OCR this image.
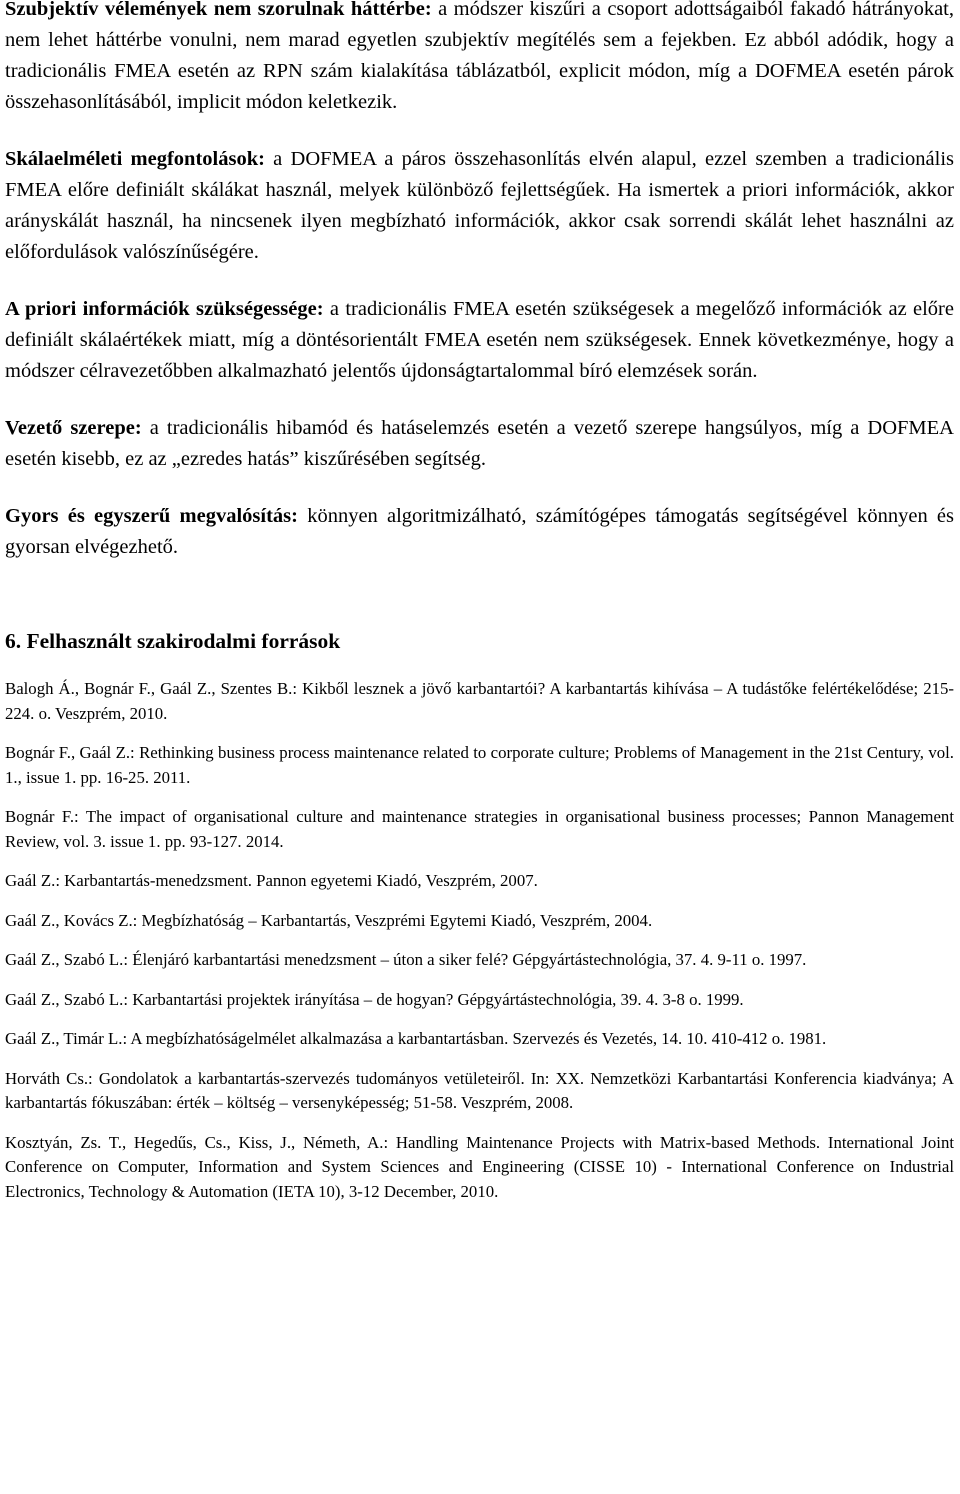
Szubjektív vélemények nem szorulnak háttérbe: a módszer kiszűri a csoport adottságaiból fakadó hátrányokat, nem lehet háttérbe vonulni, nem marad egyetlen szubjektív megítélés sem a fejekben. Ez abból adódik, hogy a tradicionális FMEA esetén az RPN szám kialakítása táblázatból, explicit módon, míg a DOFMEA esetén párok összehasonlításából, implicit módon keletkezik.

Skálaelméleti megfontolások: a DOFMEA a páros összehasonlítás elvén alapul, ezzel szemben a tradicionális FMEA előre definiált skálákat használ, melyek különböző fejlettségűek. Ha ismertek a priori információk, akkor arányskálát használ, ha nincsenek ilyen megbízható információk, akkor csak sorrendi skálát lehet használni az előfordulások valószínűségére.

A priori információk szükségessége: a tradicionális FMEA esetén szükségesek a megelőző információk az előre definiált skálaértékek miatt, míg a döntésorientált FMEA esetén nem szükségesek. Ennek következménye, hogy a módszer célravezetőbben alkalmazható jelentős újdonságtartalommal bíró elemzések során.

Vezető szerepe: a tradicionális hibamód és hatáselemzés esetén a vezető szerepe hangsúlyos, míg a DOFMEA esetén kisebb, ez az „ezredes hatás” kiszűrésében segítség.

Gyors és egyszerű megvalósítás: könnyen algoritmizálható, számítógépes támogatás segítségével könnyen és gyorsan elvégezhető.

6. Felhasznált szakirodalmi források

Balogh Á., Bognár F., Gaál Z., Szentes B.: Kikből lesznek a jövő karbantartói? A karbantartás kihívása – A tudástőke felértékelődése; 215-224. o. Veszprém, 2010.

Bognár F., Gaál Z.: Rethinking business process maintenance related to corporate culture; Problems of Management in the 21st Century, vol. 1., issue 1. pp. 16-25. 2011.

Bognár F.: The impact of organisational culture and maintenance strategies in organisational business processes; Pannon Management Review, vol. 3. issue 1. pp. 93-127. 2014.

Gaál Z.: Karbantartás-menedzsment. Pannon egyetemi Kiadó, Veszprém, 2007.

Gaál Z., Kovács Z.: Megbízhatóság – Karbantartás, Veszprémi Egytemi Kiadó, Veszprém, 2004.

Gaál Z., Szabó L.: Élenjáró karbantartási menedzsment – úton a siker felé? Gépgyártástechnológia, 37. 4. 9-11 o. 1997.

Gaál Z., Szabó L.: Karbantartási projektek irányítása – de hogyan? Gépgyártástechnológia, 39. 4. 3-8 o. 1999.

Gaál Z., Timár L.: A megbízhatóságelmélet alkalmazása a karbantartásban. Szervezés és Vezetés, 14. 10. 410-412 o. 1981.

Horváth Cs.: Gondolatok a karbantartás-szervezés tudományos vetületeiről. In: XX. Nemzetközi Karbantartási Konferencia kiadványa; A karbantartás fókuszában: érték – költség – versenyképesség; 51-58. Veszprém, 2008.

Kosztyán, Zs. T., Hegedűs, Cs., Kiss, J., Németh, A.: Handling Maintenance Projects with Matrix-based Methods. International Joint Conference on Computer, Information and System Sciences and Engineering (CISSE 10) - International Conference on Industrial Electronics, Technology & Automation (IETA 10), 3-12 December, 2010.
